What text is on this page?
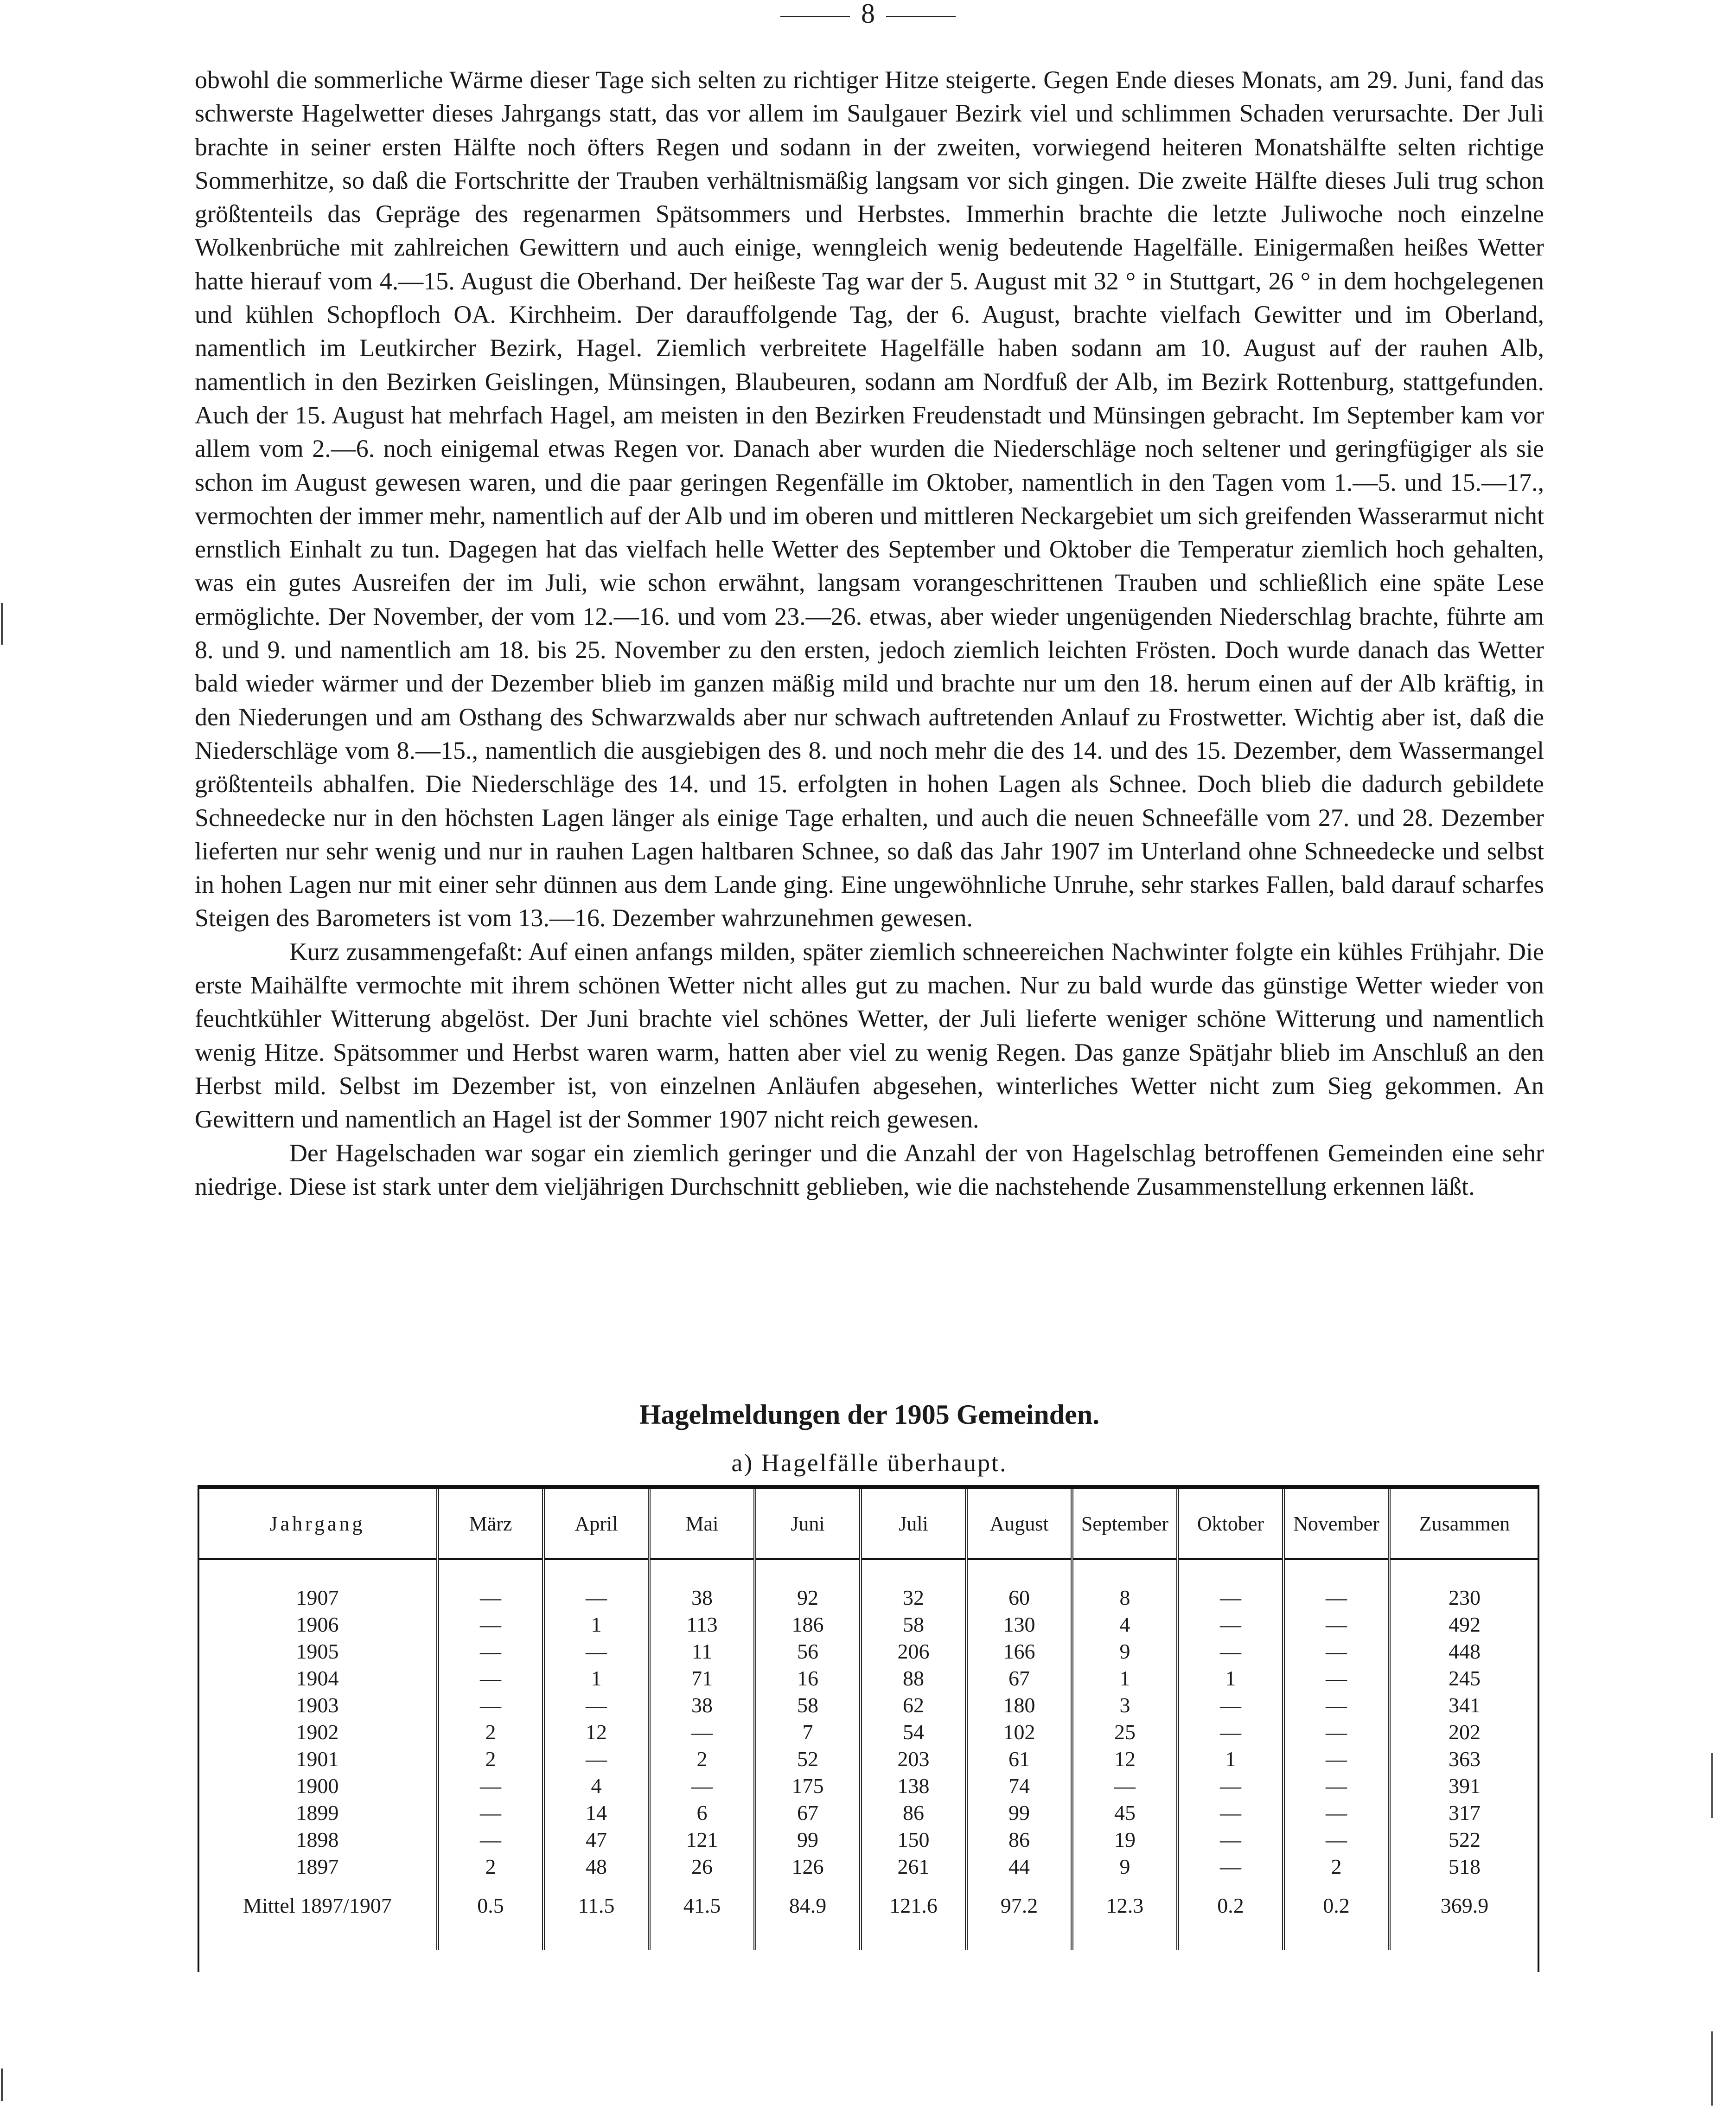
8

obwohl die sommerliche Wärme dieser Tage sich selten zu richtiger Hitze steigerte. Gegen Ende dieses Monats, am 29. Juni, fand das schwerste Hagelwetter dieses Jahrgangs statt, das vor allem im Saulgauer Bezirk viel und schlimmen Schaden verursachte. Der Juli brachte in seiner ersten Hälfte noch öfters Regen und sodann in der zweiten, vorwiegend heiteren Monatshälfte selten richtige Sommerhitze, so daß die Fortschritte der Trauben verhältnismäßig langsam vor sich gingen. Die zweite Hälfte dieses Juli trug schon größtenteils das Gepräge des regenarmen Spätsommers und Herbstes. Immerhin brachte die letzte Juliwoche noch einzelne Wolkenbrüche mit zahlreichen Gewittern und auch einige, wenngleich wenig bedeutende Hagelfälle. Einigermaßen heißes Wetter hatte hierauf vom 4.—15. August die Oberhand. Der heißeste Tag war der 5. August mit 32 ° in Stuttgart, 26 ° in dem hochgelegenen und kühlen Schopfloch OA. Kirchheim. Der darauffolgende Tag, der 6. August, brachte vielfach Gewitter und im Oberland, namentlich im Leutkircher Bezirk, Hagel. Ziemlich verbreitete Hagelfälle haben sodann am 10. August auf der rauhen Alb, namentlich in den Bezirken Geislingen, Münsingen, Blaubeuren, sodann am Nordfuß der Alb, im Bezirk Rottenburg, stattgefunden. Auch der 15. August hat mehrfach Hagel, am meisten in den Bezirken Freudenstadt und Münsingen gebracht. Im September kam vor allem vom 2.—6. noch einigemal etwas Regen vor. Danach aber wurden die Niederschläge noch seltener und geringfügiger als sie schon im August gewesen waren, und die paar geringen Regenfälle im Oktober, namentlich in den Tagen vom 1.—5. und 15.—17., vermochten der immer mehr, namentlich auf der Alb und im oberen und mittleren Neckargebiet um sich greifenden Wasserarmut nicht ernstlich Einhalt zu tun. Dagegen hat das vielfach helle Wetter des September und Oktober die Temperatur ziemlich hoch gehalten, was ein gutes Ausreifen der im Juli, wie schon erwähnt, langsam vorangeschrittenen Trauben und schließlich eine späte Lese ermöglichte. Der November, der vom 12.—16. und vom 23.—26. etwas, aber wieder ungenügenden Niederschlag brachte, führte am 8. und 9. und namentlich am 18. bis 25. November zu den ersten, jedoch ziemlich leichten Frösten. Doch wurde danach das Wetter bald wieder wärmer und der Dezember blieb im ganzen mäßig mild und brachte nur um den 18. herum einen auf der Alb kräftig, in den Niederungen und am Osthang des Schwarzwalds aber nur schwach auftretenden Anlauf zu Frostwetter. Wichtig aber ist, daß die Niederschläge vom 8.—15., namentlich die ausgiebigen des 8. und noch mehr die des 14. und des 15. Dezember, dem Wassermangel größtenteils abhalfen. Die Niederschläge des 14. und 15. erfolgten in hohen Lagen als Schnee. Doch blieb die dadurch gebildete Schneedecke nur in den höchsten Lagen länger als einige Tage erhalten, und auch die neuen Schneefälle vom 27. und 28. Dezember lieferten nur sehr wenig und nur in rauhen Lagen haltbaren Schnee, so daß das Jahr 1907 im Unterland ohne Schneedecke und selbst in hohen Lagen nur mit einer sehr dünnen aus dem Lande ging. Eine ungewöhnliche Unruhe, sehr starkes Fallen, bald darauf scharfes Steigen des Barometers ist vom 13.—16. Dezember wahrzunehmen gewesen.

Kurz zusammengefaßt: Auf einen anfangs milden, später ziemlich schneereichen Nachwinter folgte ein kühles Frühjahr. Die erste Maihälfte vermochte mit ihrem schönen Wetter nicht alles gut zu machen. Nur zu bald wurde das günstige Wetter wieder von feuchtkühler Witterung abgelöst. Der Juni brachte viel schönes Wetter, der Juli lieferte weniger schöne Witterung und namentlich wenig Hitze. Spätsommer und Herbst waren warm, hatten aber viel zu wenig Regen. Das ganze Spätjahr blieb im Anschluß an den Herbst mild. Selbst im Dezember ist, von einzelnen Anläufen abgesehen, winterliches Wetter nicht zum Sieg gekommen. An Gewittern und namentlich an Hagel ist der Sommer 1907 nicht reich gewesen.

Der Hagelschaden war sogar ein ziemlich geringer und die Anzahl der von Hagelschlag betroffenen Gemeinden eine sehr niedrige. Diese ist stark unter dem vieljährigen Durchschnitt geblieben, wie die nachstehende Zusammenstellung erkennen läßt.

Hagelmeldungen der 1905 Gemeinden.
a) Hagelfälle überhaupt.
Jahrgang	März	April	Mai	Juni	Juli	August	September	Oktober	November	Zusammen

1907	—	—	38	92	32	60	8	—	—	230
1906	—	1	113	186	58	130	4	—	—	492
1905	—	—	11	56	206	166	9	—	—	448
1904	—	1	71	16	88	67	1	1	—	245
1903	—	—	38	58	62	180	3	—	—	341
1902	2	12	—	7	54	102	25	—	—	202
1901	2	—	2	52	203	61	12	1	—	363
1900	—	4	—	175	138	74	—	—	—	391
1899	—	14	6	67	86	99	45	—	—	317
1898	—	47	121	99	150	86	19	—	—	522
1897	2	48	26	126	261	44	9	—	2	518
Mittel 1897/1907	0.5	11.5	41.5	84.9	121.6	97.2	12.3	0.2	0.2	369.9
